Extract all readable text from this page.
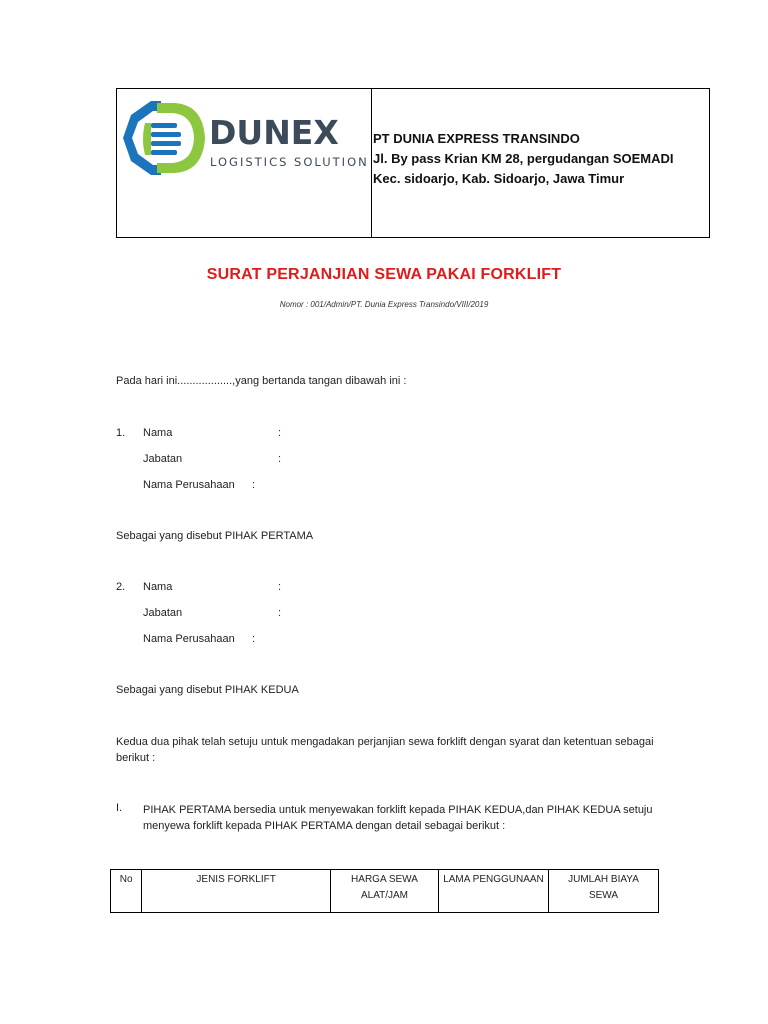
DUNEX
LOGISTICS SOLUTION
PT DUNIA EXPRESS TRANSINDO
Jl. By pass Krian KM 28, pergudangan SOEMADI
Kec. sidoarjo, Kab. Sidoarjo, Jawa Timur
SURAT PERJANJIAN SEWA PAKAI FORKLIFT
Nomor : 001/Admin/PT. Dunia Express Transindo/VIII/2019
Pada hari ini..................,yang bertanda tangan dibawah ini :
1. Nama	:
Jabatan	:
Nama Perusahaan :
Sebagai yang disebut PIHAK PERTAMA
2. Nama	:
Jabatan	:
Nama Perusahaan :
Sebagai yang disebut PIHAK KEDUA
Kedua dua pihak telah setuju untuk mengadakan perjanjian sewa forklift dengan syarat dan ketentuan sebagai berikut :
I. PIHAK PERTAMA bersedia untuk menyewakan forklift kepada PIHAK KEDUA,dan PIHAK KEDUA setuju menyewa forklift kepada PIHAK PERTAMA dengan detail sebagai berikut :
No	JENIS FORKLIFT	HARGA SEWA ALAT/JAM	LAMA PENGGUNAAN	JUMLAH BIAYA SEWA
